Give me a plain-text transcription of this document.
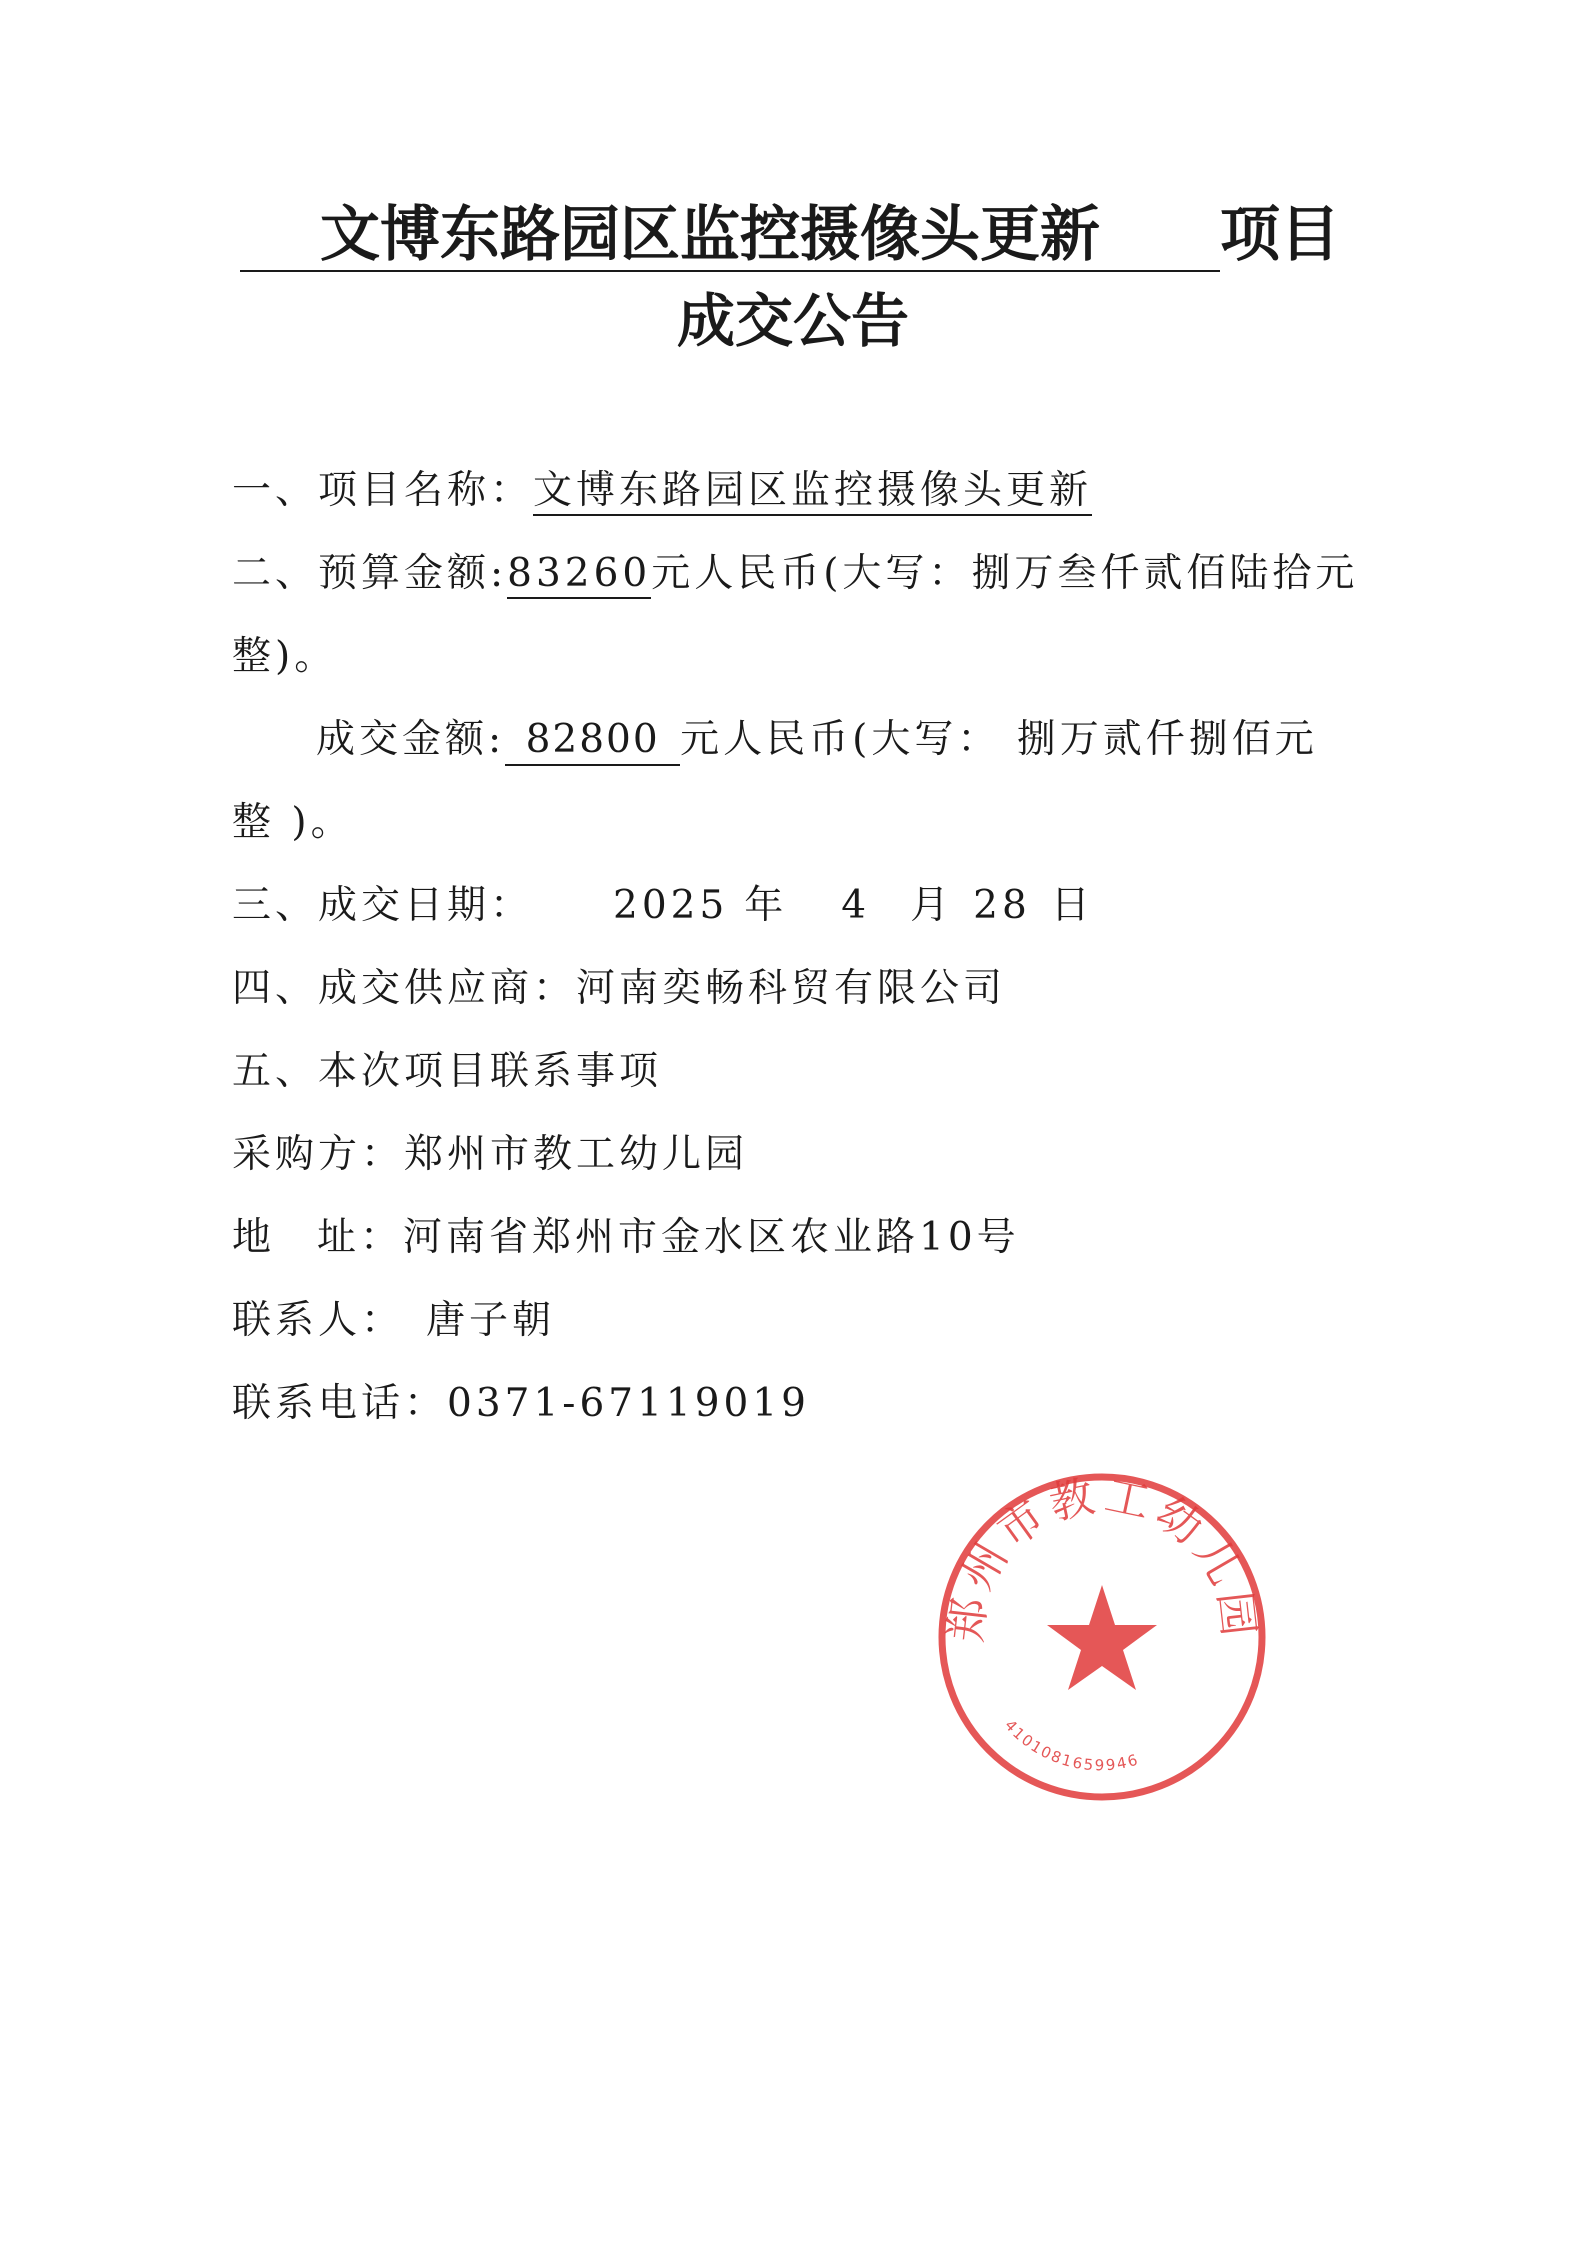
文博东路园区监控摄像头更新 项目
成交公告
一、项目名称：文博东路园区监控摄像头更新
二、预算金额:83260元人民币(大写：捌万叁仟贰佰陆拾元
整)。
成交金额: 82800 元人民币(大写： 捌万贰仟捌佰元
整 )。
三、成交日期： 2025 年 4 月 28 日
四、成交供应商：河南奕畅科贸有限公司
五、本次项目联系事项
采购方：郑州市教工幼儿园
地 址：河南省郑州市金水区农业路10号
联系人： 唐子朝
联系电话：0371-67119019
郑州市教工幼儿园
4101081659946
